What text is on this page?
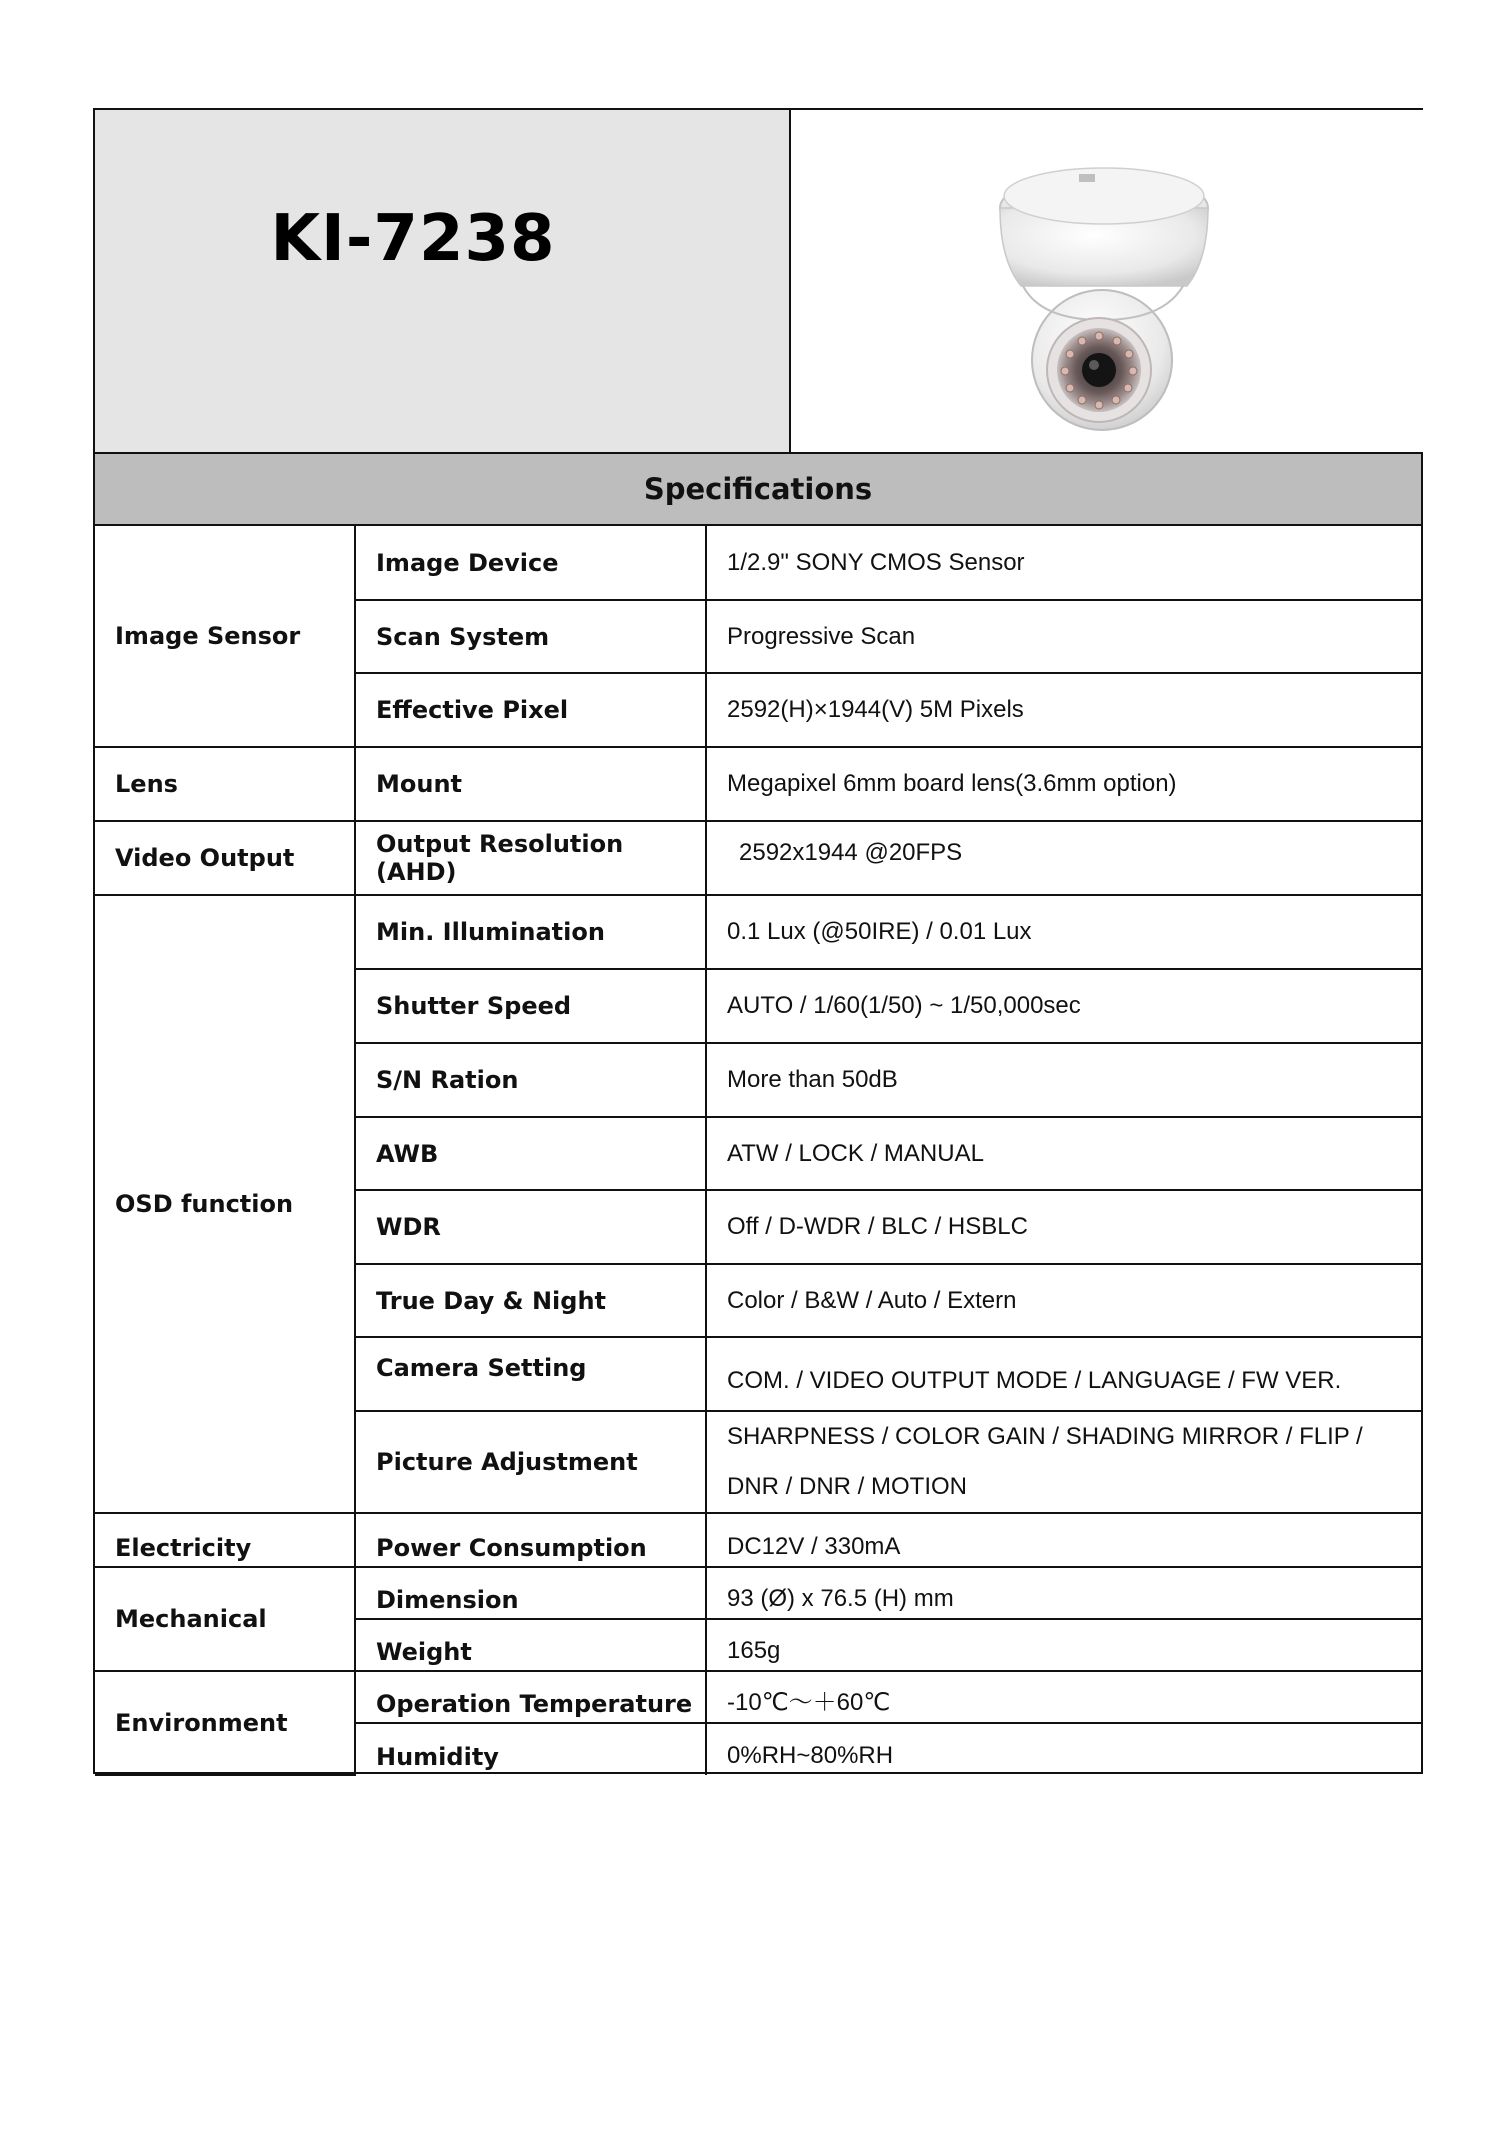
KI-7238
Specifications
Image Sensor	Image Device	1/2.9" SONY CMOS Sensor
	Scan System	Progressive Scan
	Effective Pixel	2592(H)×1944(V) 5M Pixels
Lens	Mount	Megapixel 6mm board lens(3.6mm option)
Video Output	Output Resolution (AHD)	2592x1944 @20FPS
OSD function	Min. Illumination	0.1 Lux (@50IRE) / 0.01 Lux
	Shutter Speed	AUTO / 1/60(1/50) ~ 1/50,000sec
	S/N Ration	More than 50dB
	AWB	ATW / LOCK / MANUAL
	WDR	Off / D-WDR / BLC / HSBLC
	True Day & Night	Color / B&W / Auto / Extern
	Camera Setting	COM. / VIDEO OUTPUT MODE / LANGUAGE / FW VER.
	Picture Adjustment	SHARPNESS / COLOR GAIN / SHADING MIRROR / FLIP /
DNR / DNR / MOTION

Electricity	Power Consumption	DC12V / 330mA
Mechanical	Dimension	93 (Ø) x 76.5 (H) mm
	Weight	165g
Environment	Operation Temperature	-10℃～＋60℃
	Humidity	0%RH~80%RH
